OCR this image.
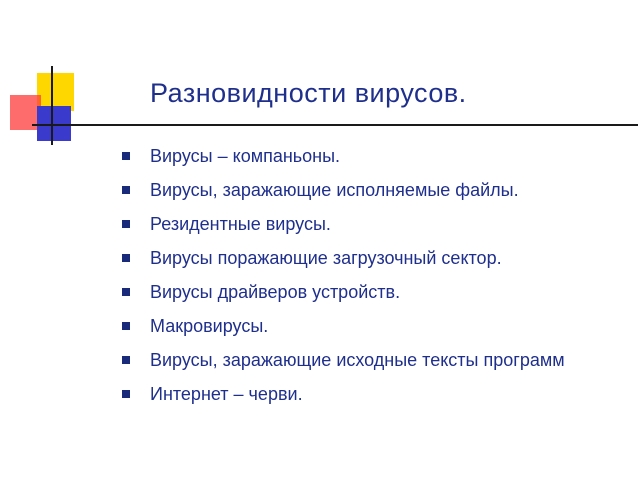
Разновидности вирусов.
Вирусы – компаньоны.
Вирусы, заражающие исполняемые файлы.
Резидентные вирусы.
Вирусы поражающие загрузочный сектор.
Вирусы драйверов устройств.
Макровирусы.
Вирусы, заражающие исходные тексты программ
Интернет – черви.
